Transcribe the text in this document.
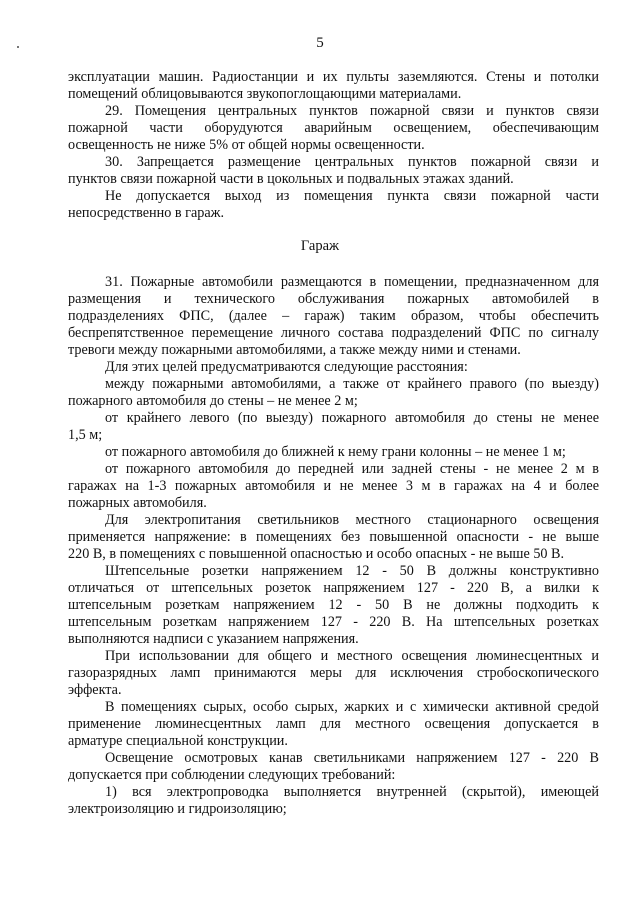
5
эксплуатации машин. Радиостанции и их пульты заземляются. Стены и потолки
помещений облицовываются звукопоглощающими материалами.
29. Помещения центральных пунктов пожарной связи и пунктов связи
пожарной части оборудуются аварийным освещением, обеспечивающим
освещенность не ниже 5% от общей нормы освещенности.
30. Запрещается размещение центральных пунктов пожарной связи и
пунктов связи пожарной части в цокольных и подвальных этажах зданий.
Не допускается выход из помещения пункта связи пожарной части
непосредственно в гараж.
Гараж
31. Пожарные автомобили размещаются в помещении, предназначенном для
размещения и технического обслуживания пожарных автомобилей в
подразделениях ФПС, (далее – гараж) таким образом, чтобы обеспечить
беспрепятственное перемещение личного состава подразделений ФПС по сигналу
тревоги между пожарными автомобилями, а также между ними и стенами.
Для этих целей предусматриваются следующие расстояния:
между пожарными автомобилями, а также от крайнего правого (по выезду)
пожарного автомобиля до стены – не менее 2 м;
от крайнего левого (по выезду) пожарного автомобиля до стены не менее
1,5 м;
от пожарного автомобиля до ближней к нему грани колонны – не менее 1 м;
от пожарного автомобиля до передней или задней стены - не менее 2 м в
гаражах на 1-3 пожарных автомобиля и не менее 3 м в гаражах на 4 и более
пожарных автомобиля.
Для электропитания светильников местного стационарного освещения
применяется напряжение: в помещениях без повышенной опасности - не выше
220 В, в помещениях с повышенной опасностью и особо опасных - не выше 50 В.
Штепсельные розетки напряжением 12 - 50 В должны конструктивно
отличаться от штепсельных розеток напряжением 127 - 220 В, а вилки к
штепсельным розеткам напряжением 12 - 50 В не должны подходить к
штепсельным розеткам напряжением 127 - 220 В. На штепсельных розетках
выполняются надписи с указанием напряжения.
При использовании для общего и местного освещения люминесцентных и
газоразрядных ламп принимаются меры для исключения стробоскопического
эффекта.
В помещениях сырых, особо сырых, жарких и с химически активной средой
применение люминесцентных ламп для местного освещения допускается в
арматуре специальной конструкции.
Освещение осмотровых канав светильниками напряжением 127 - 220 В
допускается при соблюдении следующих требований:
1) вся электропроводка выполняется внутренней (скрытой), имеющей
электроизоляцию и гидроизоляцию;
